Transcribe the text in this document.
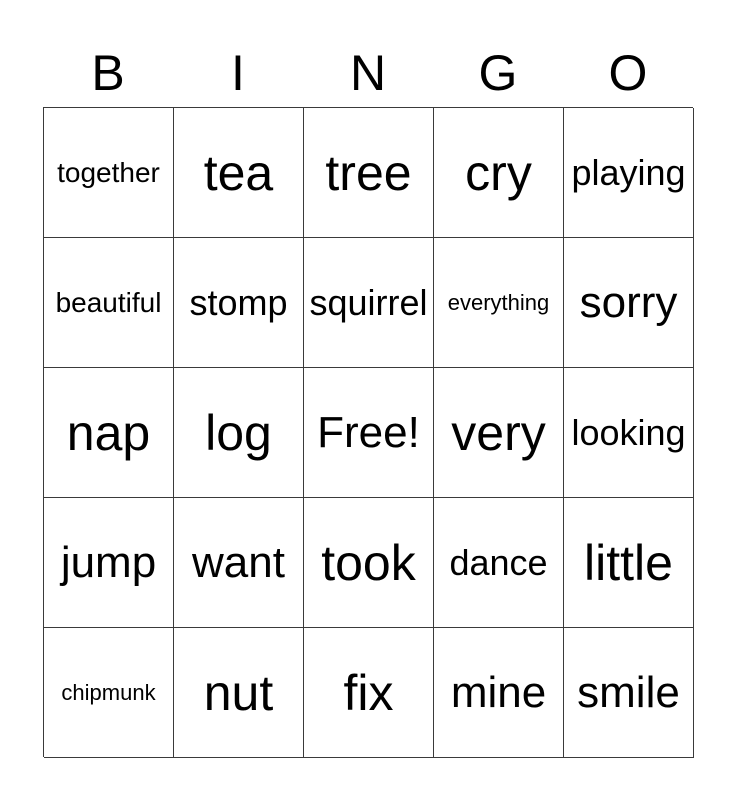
B	I	N	G	O
together tea	tree	cry	playing
beautiful stomp squirrel everything sorry
nap	log	Free! very looking
jump want took dance little
chipmunk nut	fix	mine smile
